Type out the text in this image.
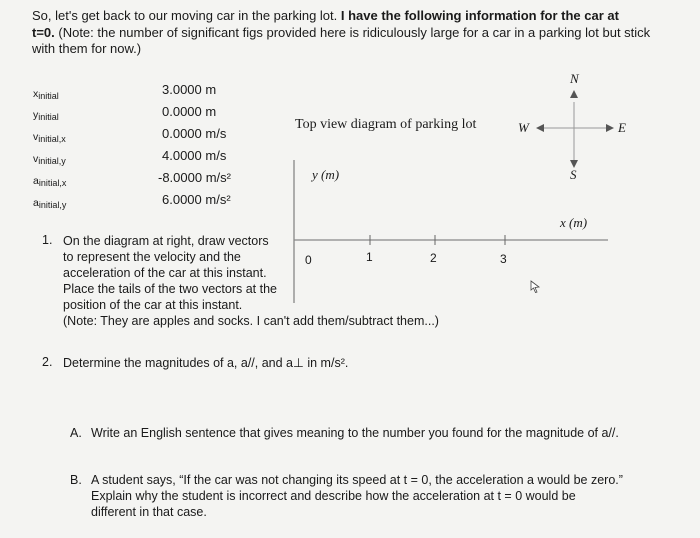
So, let's get back to our moving car in the parking lot. I have the following information for the car at
t=0. (Note: the number of significant figs provided here is ridiculously large for a car in a parking lot but stick with them for now.)
$x_{initial}$	3.0000 m
$y_{initial}$	0.0000 m
$v_{initial,x}$	0.0000 m/s
$v_{initial,y}$	4.0000 m/s
$a_{initial,x}$	-8.0000 m/s²
$a_{initial,y}$	6.0000 m/s²
Top view diagram of parking lot
y (m)
x (m)
0	1	2	3
N
S
E
W
1. On the diagram at right, draw vectors
to represent the velocity and the
acceleration of the car at this instant.
Place the tails of the two vectors at the
position of the car at this instant.
(Note: They are apples and socks. I can't add them/subtract them...)
2. Determine the magnitudes of a, a//, and a⊥ in m/s².
A. Write an English sentence that gives meaning to the number you found for the magnitude of a//.
B. A student says, “If the car was not changing its speed at t = 0, the acceleration a would be zero.”
Explain why the student is incorrect and describe how the acceleration at t = 0 would be
different in that case.
